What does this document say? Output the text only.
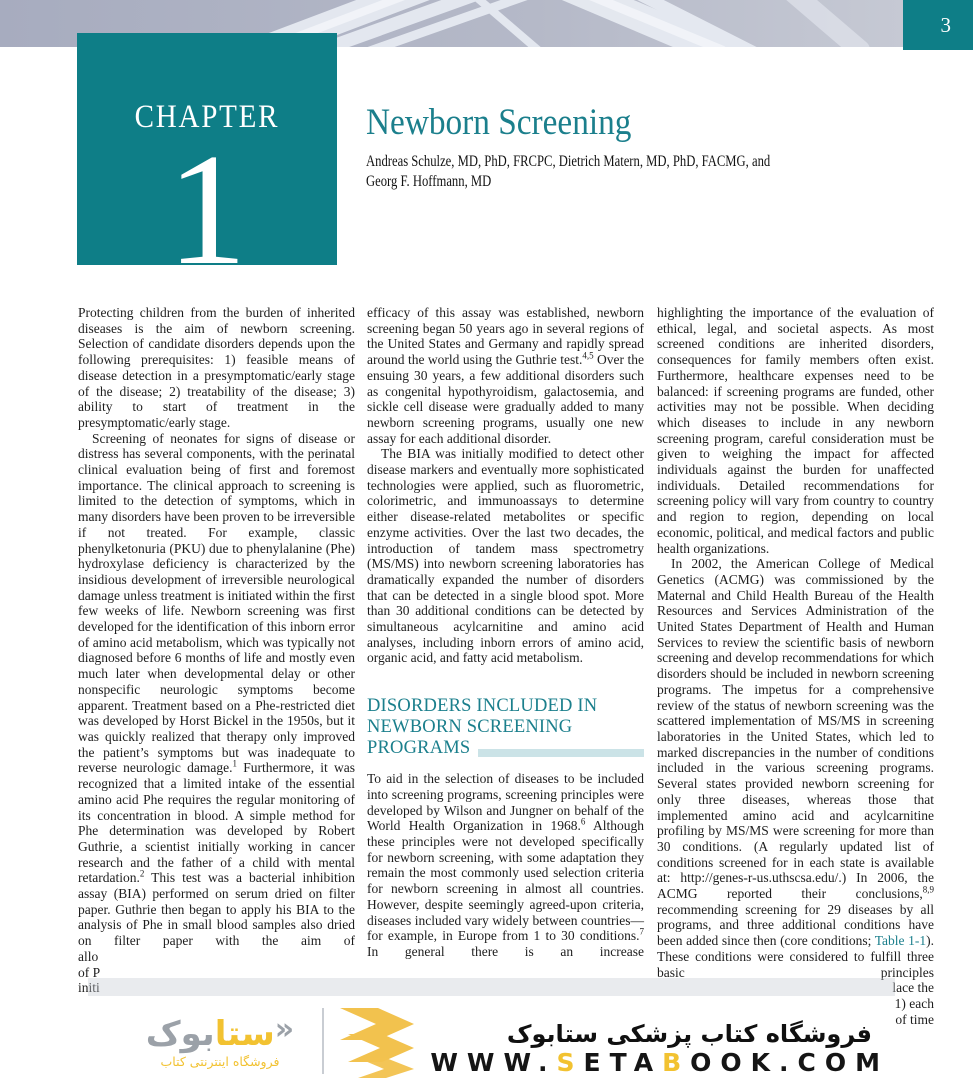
3
CHAPTER
1	Newborn Screening
Andreas Schulze, MD, PhD, FRCPC, Dietrich Matern, MD, PhD, FACMG, and
Georg F. Hoffmann, MD

Protecting children from the burden of inherited diseases is the aim of newborn screening. Selection of candidate disorders depends upon the following prerequisites: 1) feasible means of disease detection in a presymptomatic/early stage of the disease; 2) treatability of the disease; 3) ability to start of treatment in the presymptomatic/early stage.

Screening of neonates for signs of disease or distress has several components, with the perinatal clinical evaluation being of first and foremost importance. The clinical approach to screening is limited to the detection of symptoms, which in many disorders have been proven to be irreversible if not treated. For example, classic phenylketonuria (PKU) due to phenylalanine (Phe) hydroxylase deficiency is characterized by the insidious development of irreversible neurological damage unless treatment is initiated within the first few weeks of life. Newborn screening was first developed for the identification of this inborn error of amino acid metabolism, which was typically not diagnosed before 6 months of life and mostly even much later when developmental delay or other nonspecific neurologic symptoms become apparent. Treatment based on a Phe-restricted diet was developed by Horst Bickel in the 1950s, but it was quickly realized that therapy only improved the patient’s symptoms but was inadequate to reverse neurologic damage.$^1$ Furthermore, it was recognized that a limited intake of the essential amino acid Phe requires the regular monitoring of its concentration in blood. A simple method for Phe determination was developed by Robert Guthrie, a scientist initially working in cancer research and the father of a child with mental retardation.$^2$ This test was a bacterial inhibition assay (BIA) performed on serum dried on filter paper. Guthrie then began to apply his BIA to the analysis of Phe in small blood samples also dried on filter paper with the aim of

allo
of P
initi

efficacy of this assay was established, newborn screening began 50 years ago in several regions of the United States and Germany and rapidly spread around the world using the Guthrie test.$^{4,5}$ Over the ensuing 30 years, a few additional disorders such as congenital hypothyroidism, galactosemia, and sickle cell disease were gradually added to many newborn screening programs, usually one new assay for each additional disorder.

The BIA was initially modified to detect other disease markers and eventually more sophisticated technologies were applied, such as fluorometric, colorimetric, and immunoassays to determine either disease-related metabolites or specific enzyme activities. Over the last two decades, the introduction of tandem mass spectrometry (MS/MS) into newborn screening laboratories has dramatically expanded the number of disorders that can be detected in a single blood spot. More than 30 additional conditions can be detected by simultaneous acylcarnitine and amino acid analyses, including inborn errors of amino acid, organic acid, and fatty acid metabolism.

DISORDERS INCLUDED IN
NEWBORN SCREENING
PROGRAMS

To aid in the selection of diseases to be included into screening programs, screening principles were developed by Wilson and Jungner on behalf of the World Health Organization in 1968.$^6$ Although these principles were not developed specifically for newborn screening, with some adaptation they remain the most commonly used selection criteria for newborn screening in almost all countries. However, despite seemingly agreed-upon criteria, diseases included vary widely between countries—for example, in Europe from 1 to 30 conditions.$^7$ In general there is an increase

highlighting the importance of the evaluation of ethical, legal, and societal aspects. As most screened conditions are inherited disorders, consequences for family members often exist. Furthermore, healthcare expenses need to be balanced: if screening programs are funded, other activities may not be possible. When deciding which diseases to include in any newborn screening program, careful consideration must be given to weighing the impact for affected individuals against the burden for unaffected individuals. Detailed recommendations for screening policy will vary from country to country and region to region, depending on local economic, political, and medical factors and public health organizations.

In 2002, the American College of Medical Genetics (ACMG) was commissioned by the Maternal and Child Health Bureau of the Health Resources and Services Administration of the United States Department of Health and Human Services to review the scientific basis of newborn screening and develop recommendations for which disorders should be included in newborn screening programs. The impetus for a comprehensive review of the status of newborn screening was the scattered implementation of MS/MS in screening laboratories in the United States, which led to marked discrepancies in the number of conditions included in the various screening programs. Several states provided newborn screening for only three diseases, whereas those that implemented amino acid and acylcarnitine profiling by MS/MS were screening for more than 30 conditions. (A regularly updated list of conditions screened for in each state is available at: http://genes-r-us.uthscsa.edu/.) In 2006, the ACMG reported their conclusions,$^{8,9}$ recommending screening for 29 diseases by all programs, and three additional conditions have been added since then (core conditions; Table 1-1). These conditions were considered to fulfill three basic principles

lace the
1) each
of time
«ستابوک
فروشگاه اینترنتی کتاب
فروشگاه کتاب پزشکی ستابوک
WWW.SETABOOK.COM
